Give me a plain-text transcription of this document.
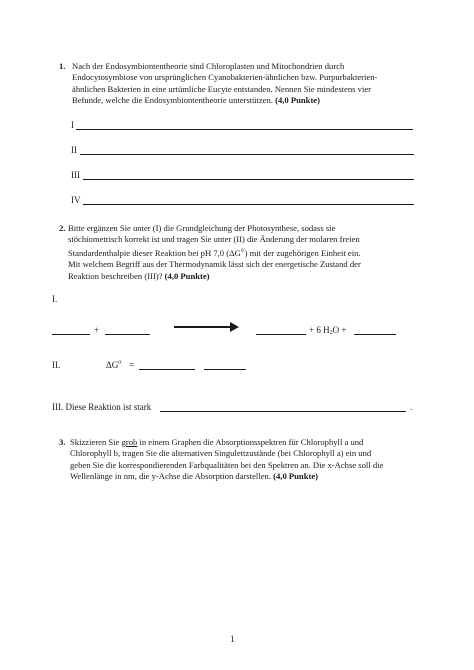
1. Nach der Endosymbiontentheorie sind Chloroplasten und Mitochondrien durch
Endocytosymbiose von ursprünglichen Cyanobakterien-ähnlichen bzw. Purpurbakterien-
ähnlichen Bakterien in eine urtümliche Eucyte entstanden. Nennen Sie mindestens vier
Befunde, welche die Endosymbiontentheorie unterstützen. (4,0 Punkte)
I
II
III
IV
2. Bitte ergänzen Sie unter (I) die Grundgleichung der Photosynthese, sodass sie
stöchiometrisch korrekt ist und tragen Sie unter (II) die Änderung der molaren freien
Standardenthalpie dieser Reaktion bei pH 7,0 $(\Delta G^{0'})$ mit der zugehörigen Einheit ein.
Mit welchem Begriff aus der Thermodynamik lässt sich der energetische Zustand der
Reaktion beschreiben (III)? (4,0 Punkte)
I.
+	+ 6 H2O +
II.	$\Delta G^{0'}$ =
III. Diese Reaktion ist stark	.
3. Skizzieren Sie grob in einem Graphen die Absorptionsspektren für Chlorophyll a und
Chlorophyll b, tragen Sie die alternativen Singulettzustände (bei Chlorophyll a) ein und
geben Sie die korrespondierenden Farbqualitäten bei den Spektren an. Die x-Achse soll die
Wellenlänge in nm, die y-Achse die Absorption darstellen. (4,0 Punkte)
1
